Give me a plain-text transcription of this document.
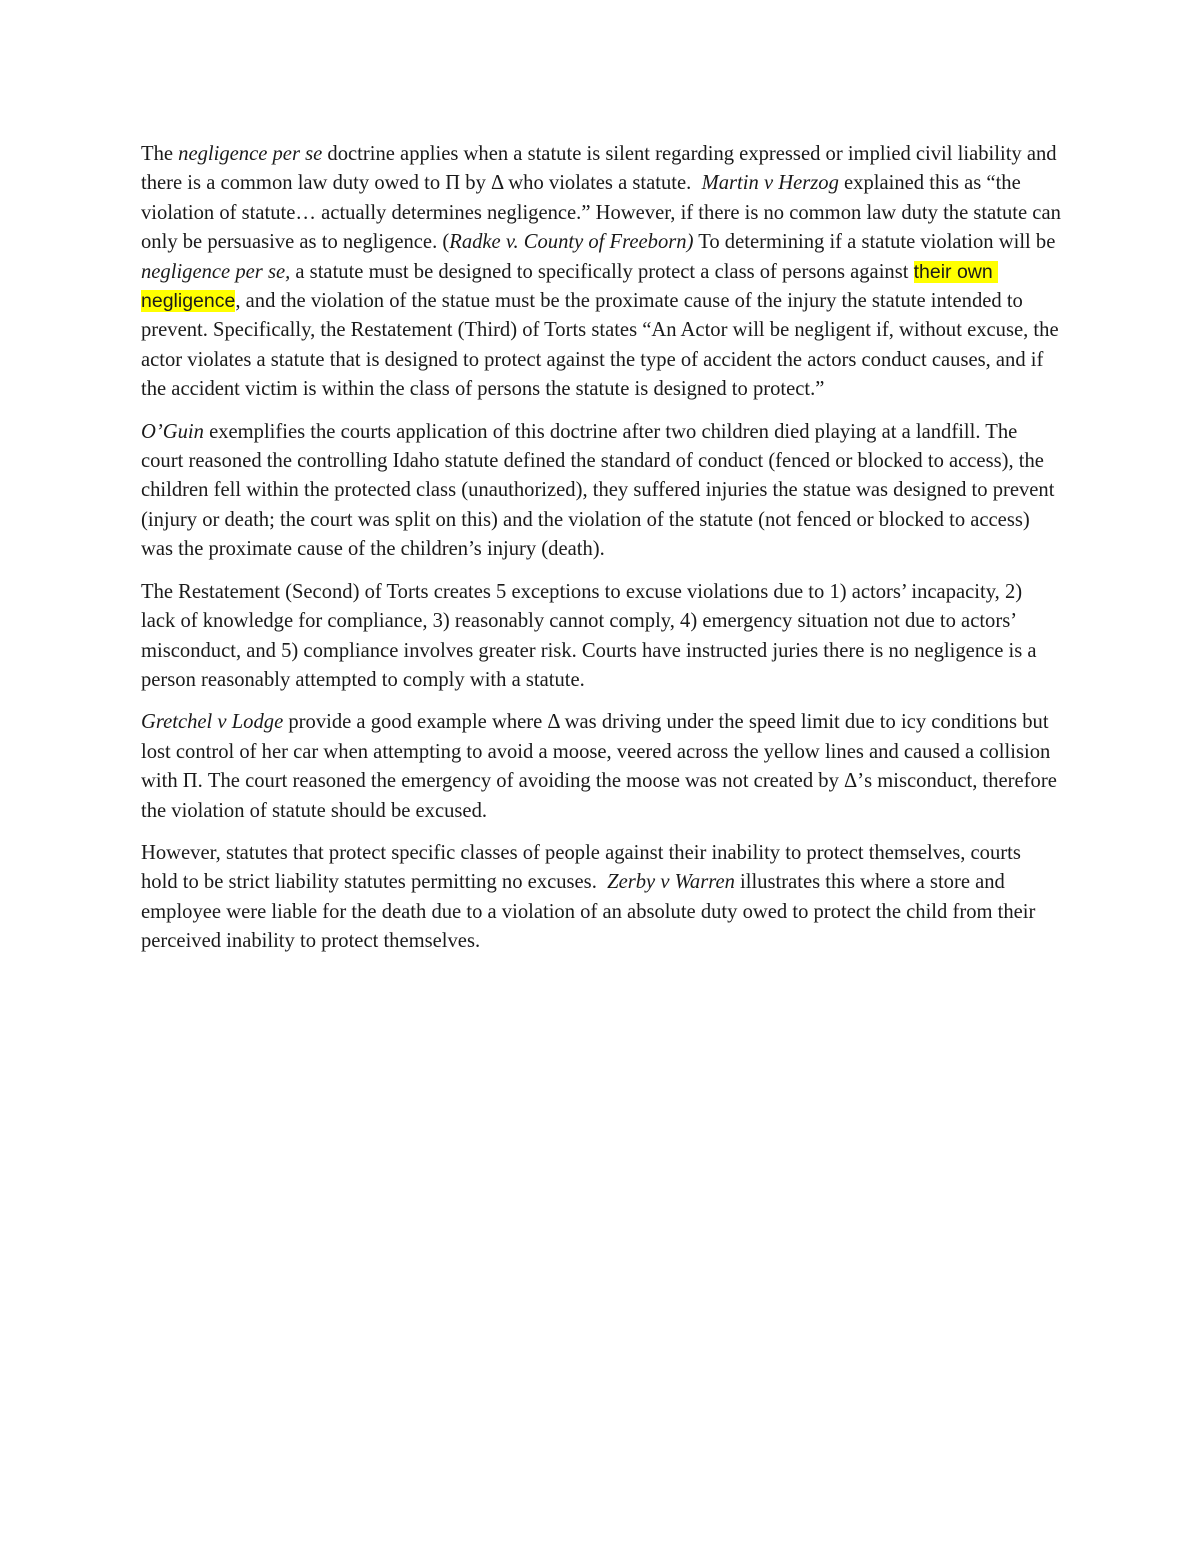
The negligence per se doctrine applies when a statute is silent regarding expressed or implied civil liability and there is a common law duty owed to Π by Δ who violates a statute.  Martin v Herzog explained this as “the violation of statute… actually determines negligence.” However, if there is no common law duty the statute can only be persuasive as to negligence. (Radke v. County of Freeborn) To determining if a statute violation will be negligence per se, a statute must be designed to specifically protect a class of persons against their own negligence, and the violation of the statue must be the proximate cause of the injury the statute intended to prevent. Specifically, the Restatement (Third) of Torts states “An Actor will be negligent if, without excuse, the actor violates a statute that is designed to protect against the type of accident the actors conduct causes, and if the accident victim is within the class of persons the statute is designed to protect.”

O’Guin exemplifies the courts application of this doctrine after two children died playing at a landfill. The court reasoned the controlling Idaho statute defined the standard of conduct (fenced or blocked to access), the children fell within the protected class (unauthorized), they suffered injuries the statue was designed to prevent (injury or death; the court was split on this) and the violation of the statute (not fenced or blocked to access) was the proximate cause of the children’s injury (death).

The Restatement (Second) of Torts creates 5 exceptions to excuse violations due to 1) actors’ incapacity, 2) lack of knowledge for compliance, 3) reasonably cannot comply, 4) emergency situation not due to actors’ misconduct, and 5) compliance involves greater risk. Courts have instructed juries there is no negligence is a person reasonably attempted to comply with a statute.

Gretchel v Lodge provide a good example where Δ was driving under the speed limit due to icy conditions but lost control of her car when attempting to avoid a moose, veered across the yellow lines and caused a collision with Π. The court reasoned the emergency of avoiding the moose was not created by Δ’s misconduct, therefore the violation of statute should be excused.

However, statutes that protect specific classes of people against their inability to protect themselves, courts hold to be strict liability statutes permitting no excuses.  Zerby v Warren illustrates this where a store and employee were liable for the death due to a violation of an absolute duty owed to protect the child from their perceived inability to protect themselves.
